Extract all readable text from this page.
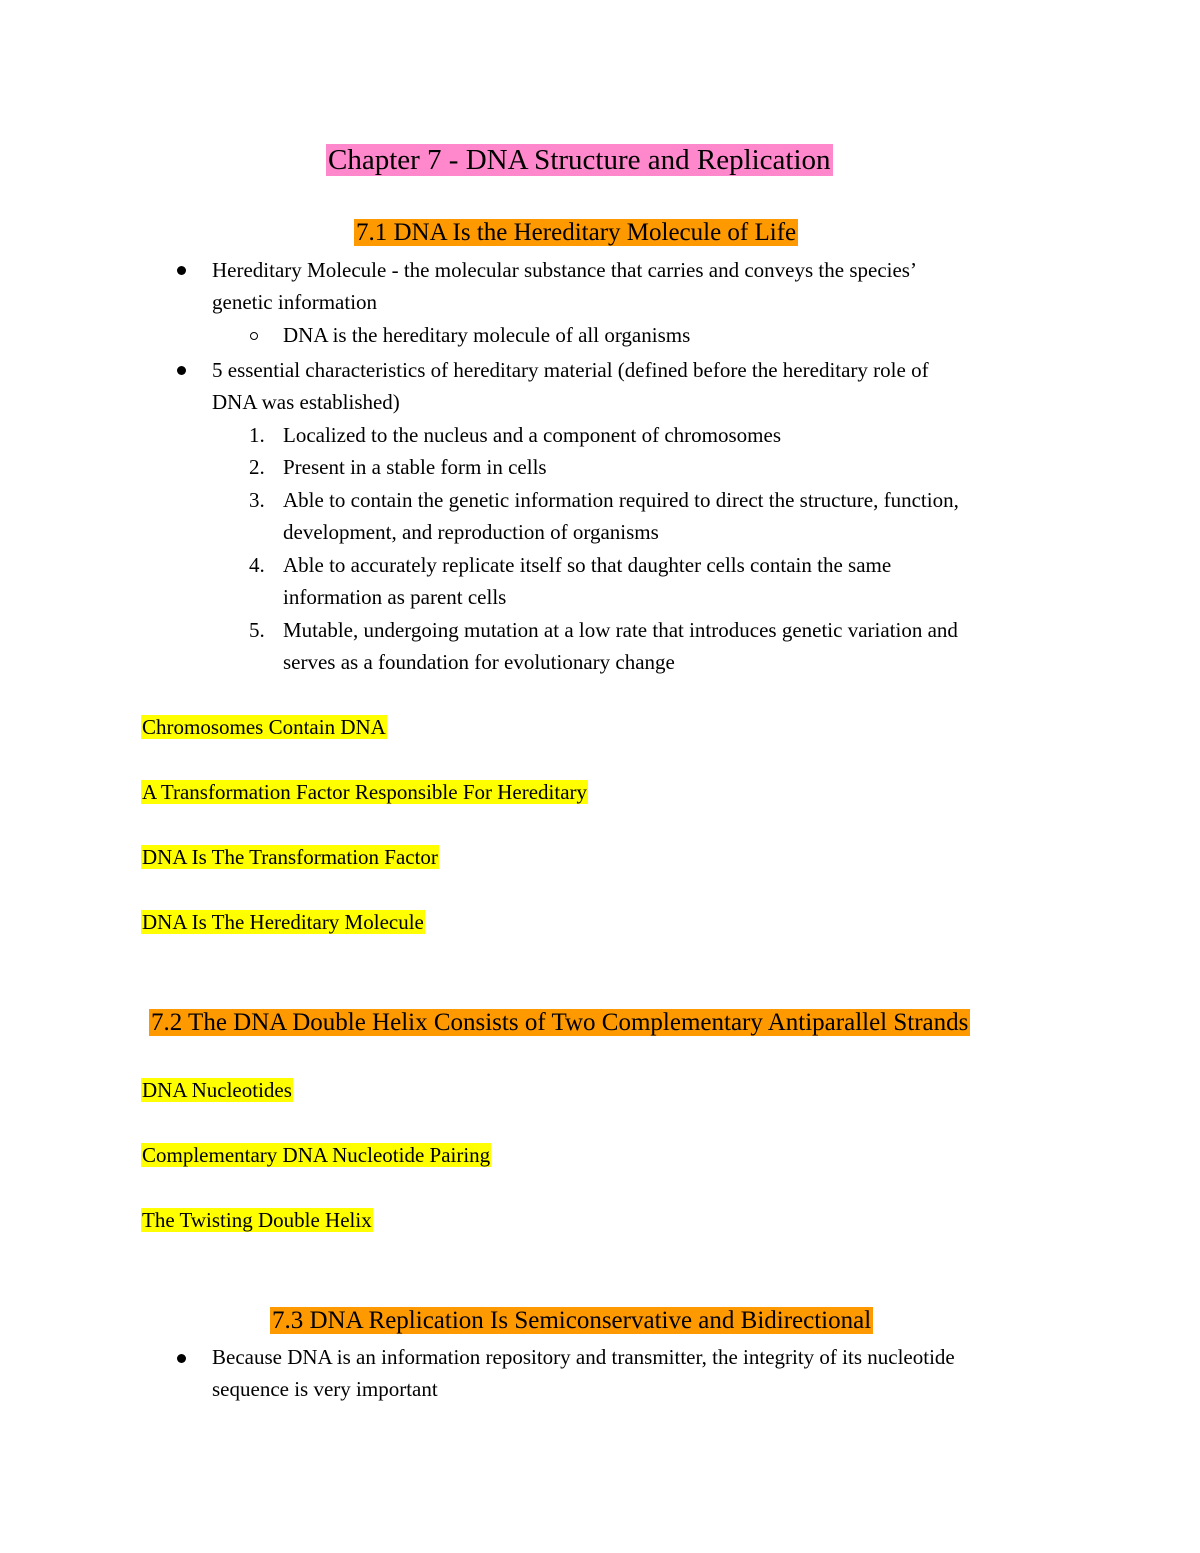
Chapter 7 - DNA Structure and Replication
7.1 DNA Is the Hereditary Molecule of Life
Hereditary Molecule - the molecular substance that carries and conveys the species’
genetic information
DNA is the hereditary molecule of all organisms
5 essential characteristics of hereditary material (defined before the hereditary role of
DNA was established)
1. Localized to the nucleus and a component of chromosomes
2. Present in a stable form in cells
3. Able to contain the genetic information required to direct the structure, function,
development, and reproduction of organisms
4. Able to accurately replicate itself so that daughter cells contain the same
information as parent cells
5. Mutable, undergoing mutation at a low rate that introduces genetic variation and
serves as a foundation for evolutionary change
Chromosomes Contain DNA
A Transformation Factor Responsible For Hereditary
DNA Is The Transformation Factor
DNA Is The Hereditary Molecule
7.2 The DNA Double Helix Consists of Two Complementary Antiparallel Strands
DNA Nucleotides
Complementary DNA Nucleotide Pairing
The Twisting Double Helix
7.3 DNA Replication Is Semiconservative and Bidirectional
Because DNA is an information repository and transmitter, the integrity of its nucleotide
sequence is very important
